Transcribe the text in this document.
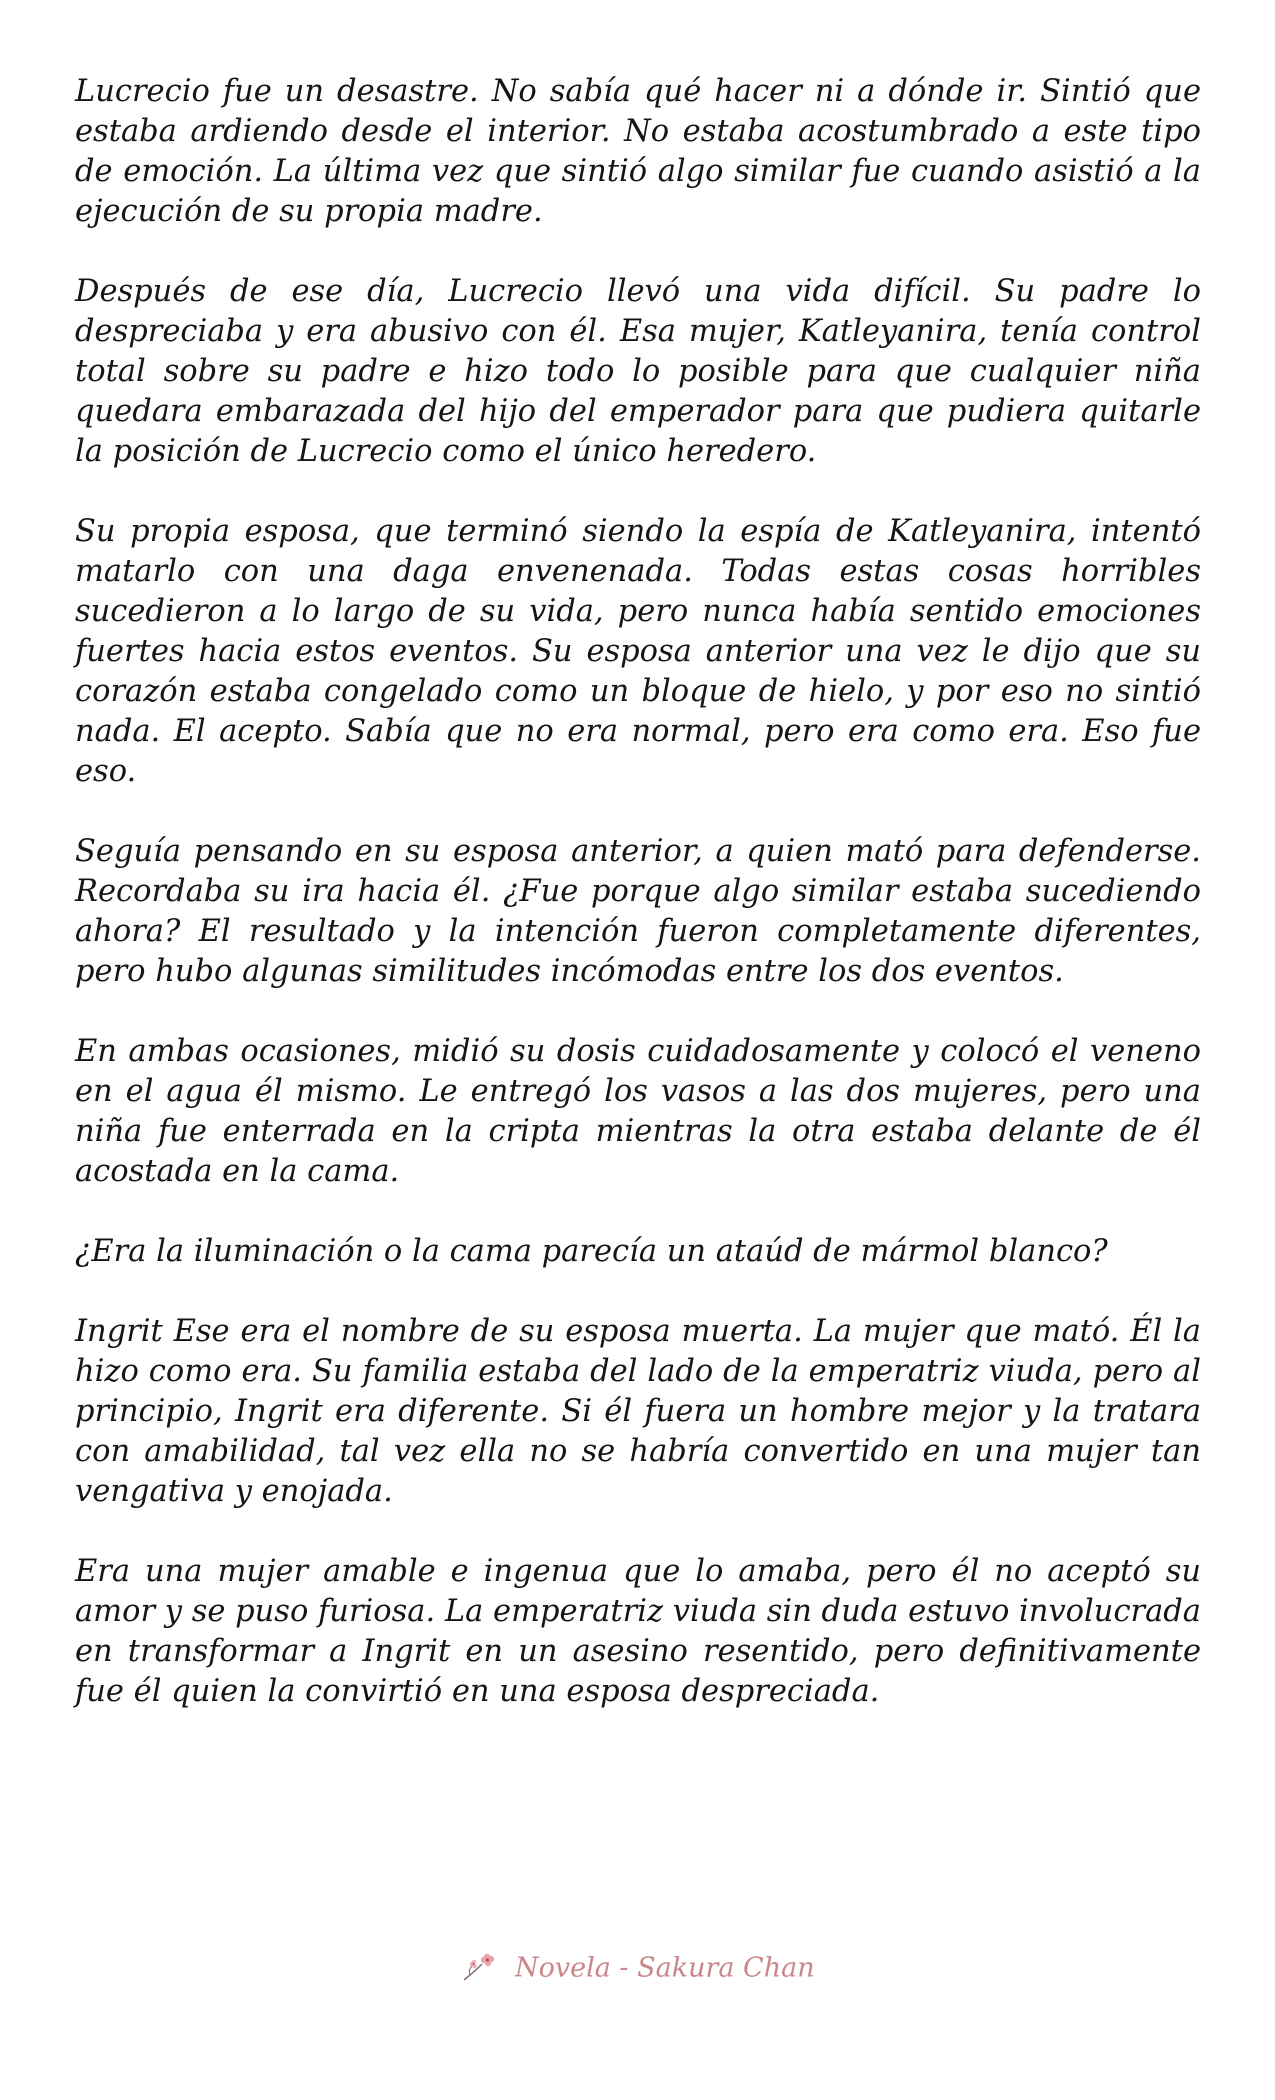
Lucrecio fue un desastre. No sabía qué hacer ni a dónde ir. Sintió que estaba ardiendo desde el interior. No estaba acostumbrado a este tipo de emoción. La última vez que sintió algo similar fue cuando asistió a la ejecución de su propia madre.

Después de ese día, Lucrecio llevó una vida difícil. Su padre lo despreciaba y era abusivo con él. Esa mujer, Katleyanira, tenía control total sobre su padre e hizo todo lo posible para que cualquier niña quedara embarazada del hijo del emperador para que pudiera quitarle la posición de Lucrecio como el único heredero.

Su propia esposa, que terminó siendo la espía de Katleyanira, intentó matarlo con una daga envenenada. Todas estas cosas horribles sucedieron a lo largo de su vida, pero nunca había sentido emociones fuertes hacia estos eventos. Su esposa anterior una vez le dijo que su corazón estaba congelado como un bloque de hielo, y por eso no sintió nada. El acepto. Sabía que no era normal, pero era como era. Eso fue eso.

Seguía pensando en su esposa anterior, a quien mató para defenderse. Recordaba su ira hacia él. ¿Fue porque algo similar estaba sucediendo ahora? El resultado y la intención fueron completamente diferentes, pero hubo algunas similitudes incómodas entre los dos eventos.

En ambas ocasiones, midió su dosis cuidadosamente y colocó el veneno en el agua él mismo. Le entregó los vasos a las dos mujeres, pero una niña fue enterrada en la cripta mientras la otra estaba delante de él acostada en la cama.

¿Era la iluminación o la cama parecía un ataúd de mármol blanco?

Ingrit Ese era el nombre de su esposa muerta. La mujer que mató. Él la hizo como era. Su familia estaba del lado de la emperatriz viuda, pero al principio, Ingrit era diferente. Si él fuera un hombre mejor y la tratara con amabilidad, tal vez ella no se habría convertido en una mujer tan vengativa y enojada.

Era una mujer amable e ingenua que lo amaba, pero él no aceptó su amor y se puso furiosa. La emperatriz viuda sin duda estuvo involucrada en transformar a Ingrit en un asesino resentido, pero definitivamente fue él quien la convirtió en una esposa despreciada.

Novela - Sakura Chan
